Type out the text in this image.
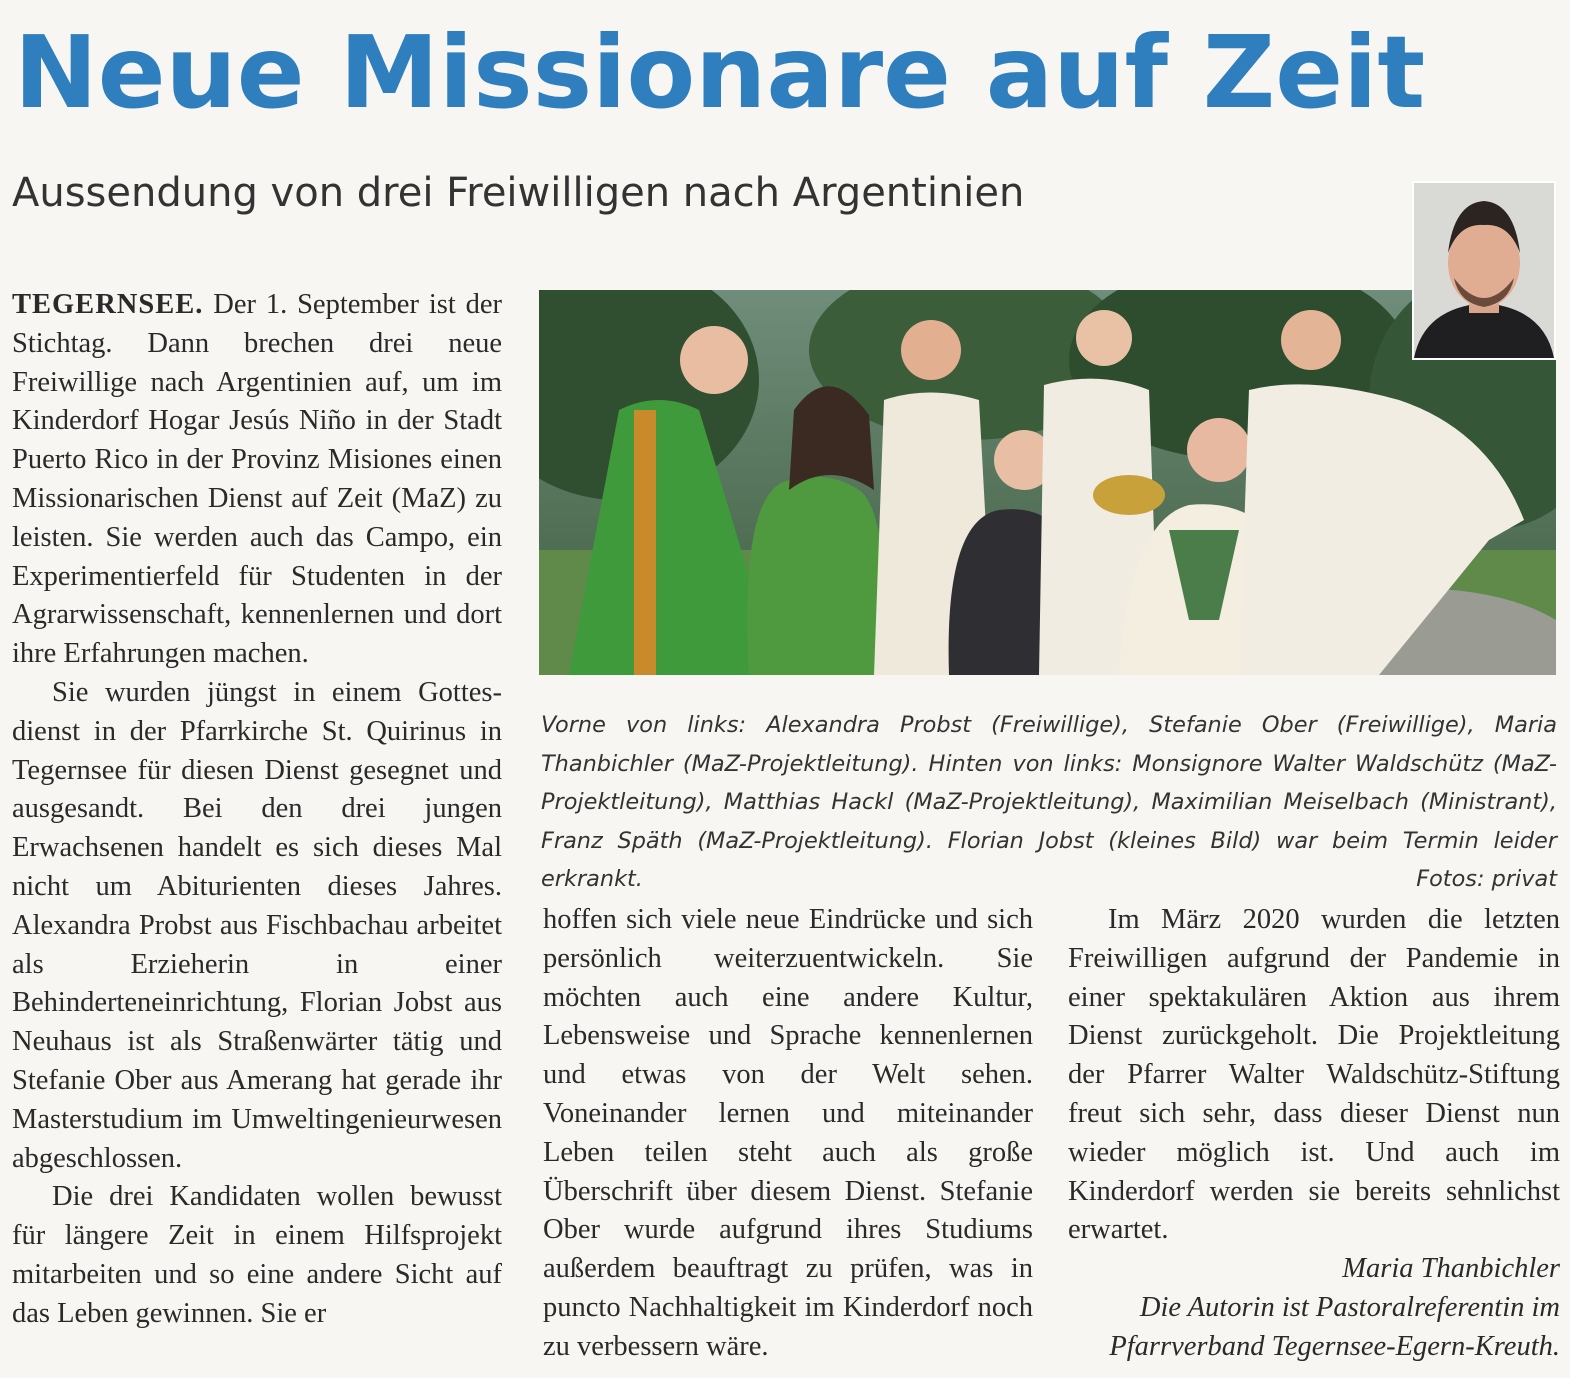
Neue Missionare auf Zeit
Aussendung von drei Freiwilligen nach Argentinien

TEGERNSEE. Der 1. September ist der Stichtag. Dann brechen drei neue Freiwillige nach Argentinien auf, um im Kinderdorf Hogar Jesús Niño in der Stadt Puerto Rico in der Provinz Misiones einen Missionarischen Dienst auf Zeit (MaZ) zu leisten. Sie werden auch das Campo, ein Experimentierfeld für Studenten in der Agrarwissenschaft, kennenlernen und dort ihre Erfahrungen machen.

Sie wurden jüngst in einem Gottesdienst in der Pfarrkirche St. Quirinus in Tegernsee für diesen Dienst gesegnet und ausgesandt. Bei den drei jungen Erwachsenen handelt es sich dieses Mal nicht um Abiturienten dieses Jahres. Alexandra Probst aus Fischbachau arbeitet als Erzieherin in einer Behinderteneinrichtung, Florian Jobst aus Neuhaus ist als Straßenwärter tätig und Stefanie Ober aus Amerang hat gerade ihr Masterstudium im Umweltingenieurwesen abgeschlossen.

Die drei Kandidaten wollen bewusst für längere Zeit in einem Hilfsprojekt mitarbeiten und so eine andere Sicht auf das Leben gewinnen. Sie er

Vorne von links: Alexandra Probst (Freiwillige), Stefanie Ober (Freiwillige), Maria Thanbichler (MaZ-Projektleitung). Hinten von links: Monsignore Walter Waldschütz (MaZ-Projektleitung), Matthias Hackl (MaZ-Projektleitung), Maximilian Meiselbach (Ministrant), Franz Späth (MaZ-Projektleitung). Florian Jobst (kleines Bild) war beim Termin leider erkrankt.	Fotos: privat

hoffen sich viele neue Eindrücke und sich persönlich weiterzuentwickeln. Sie möchten auch eine andere Kultur, Lebensweise und Sprache kennenlernen und etwas von der Welt sehen. Voneinander lernen und miteinander Leben teilen steht auch als große Überschrift über diesem Dienst. Stefanie Ober wurde aufgrund ihres Studiums außerdem beauftragt zu prüfen, was in puncto Nachhaltigkeit im Kinderdorf noch zu verbessern wäre.

Im März 2020 wurden die letzten Freiwilligen aufgrund der Pandemie in einer spektakulären Aktion aus ihrem Dienst zurückgeholt. Die Projektleitung der Pfarrer Walter Waldschütz-Stiftung freut sich sehr, dass dieser Dienst nun wieder möglich ist. Und auch im Kinderdorf werden sie bereits sehnlichst erwartet.

Maria Thanbichler

Die Autorin ist Pastoralreferentin im

Pfarrverband Tegernsee-Egern-Kreuth.
